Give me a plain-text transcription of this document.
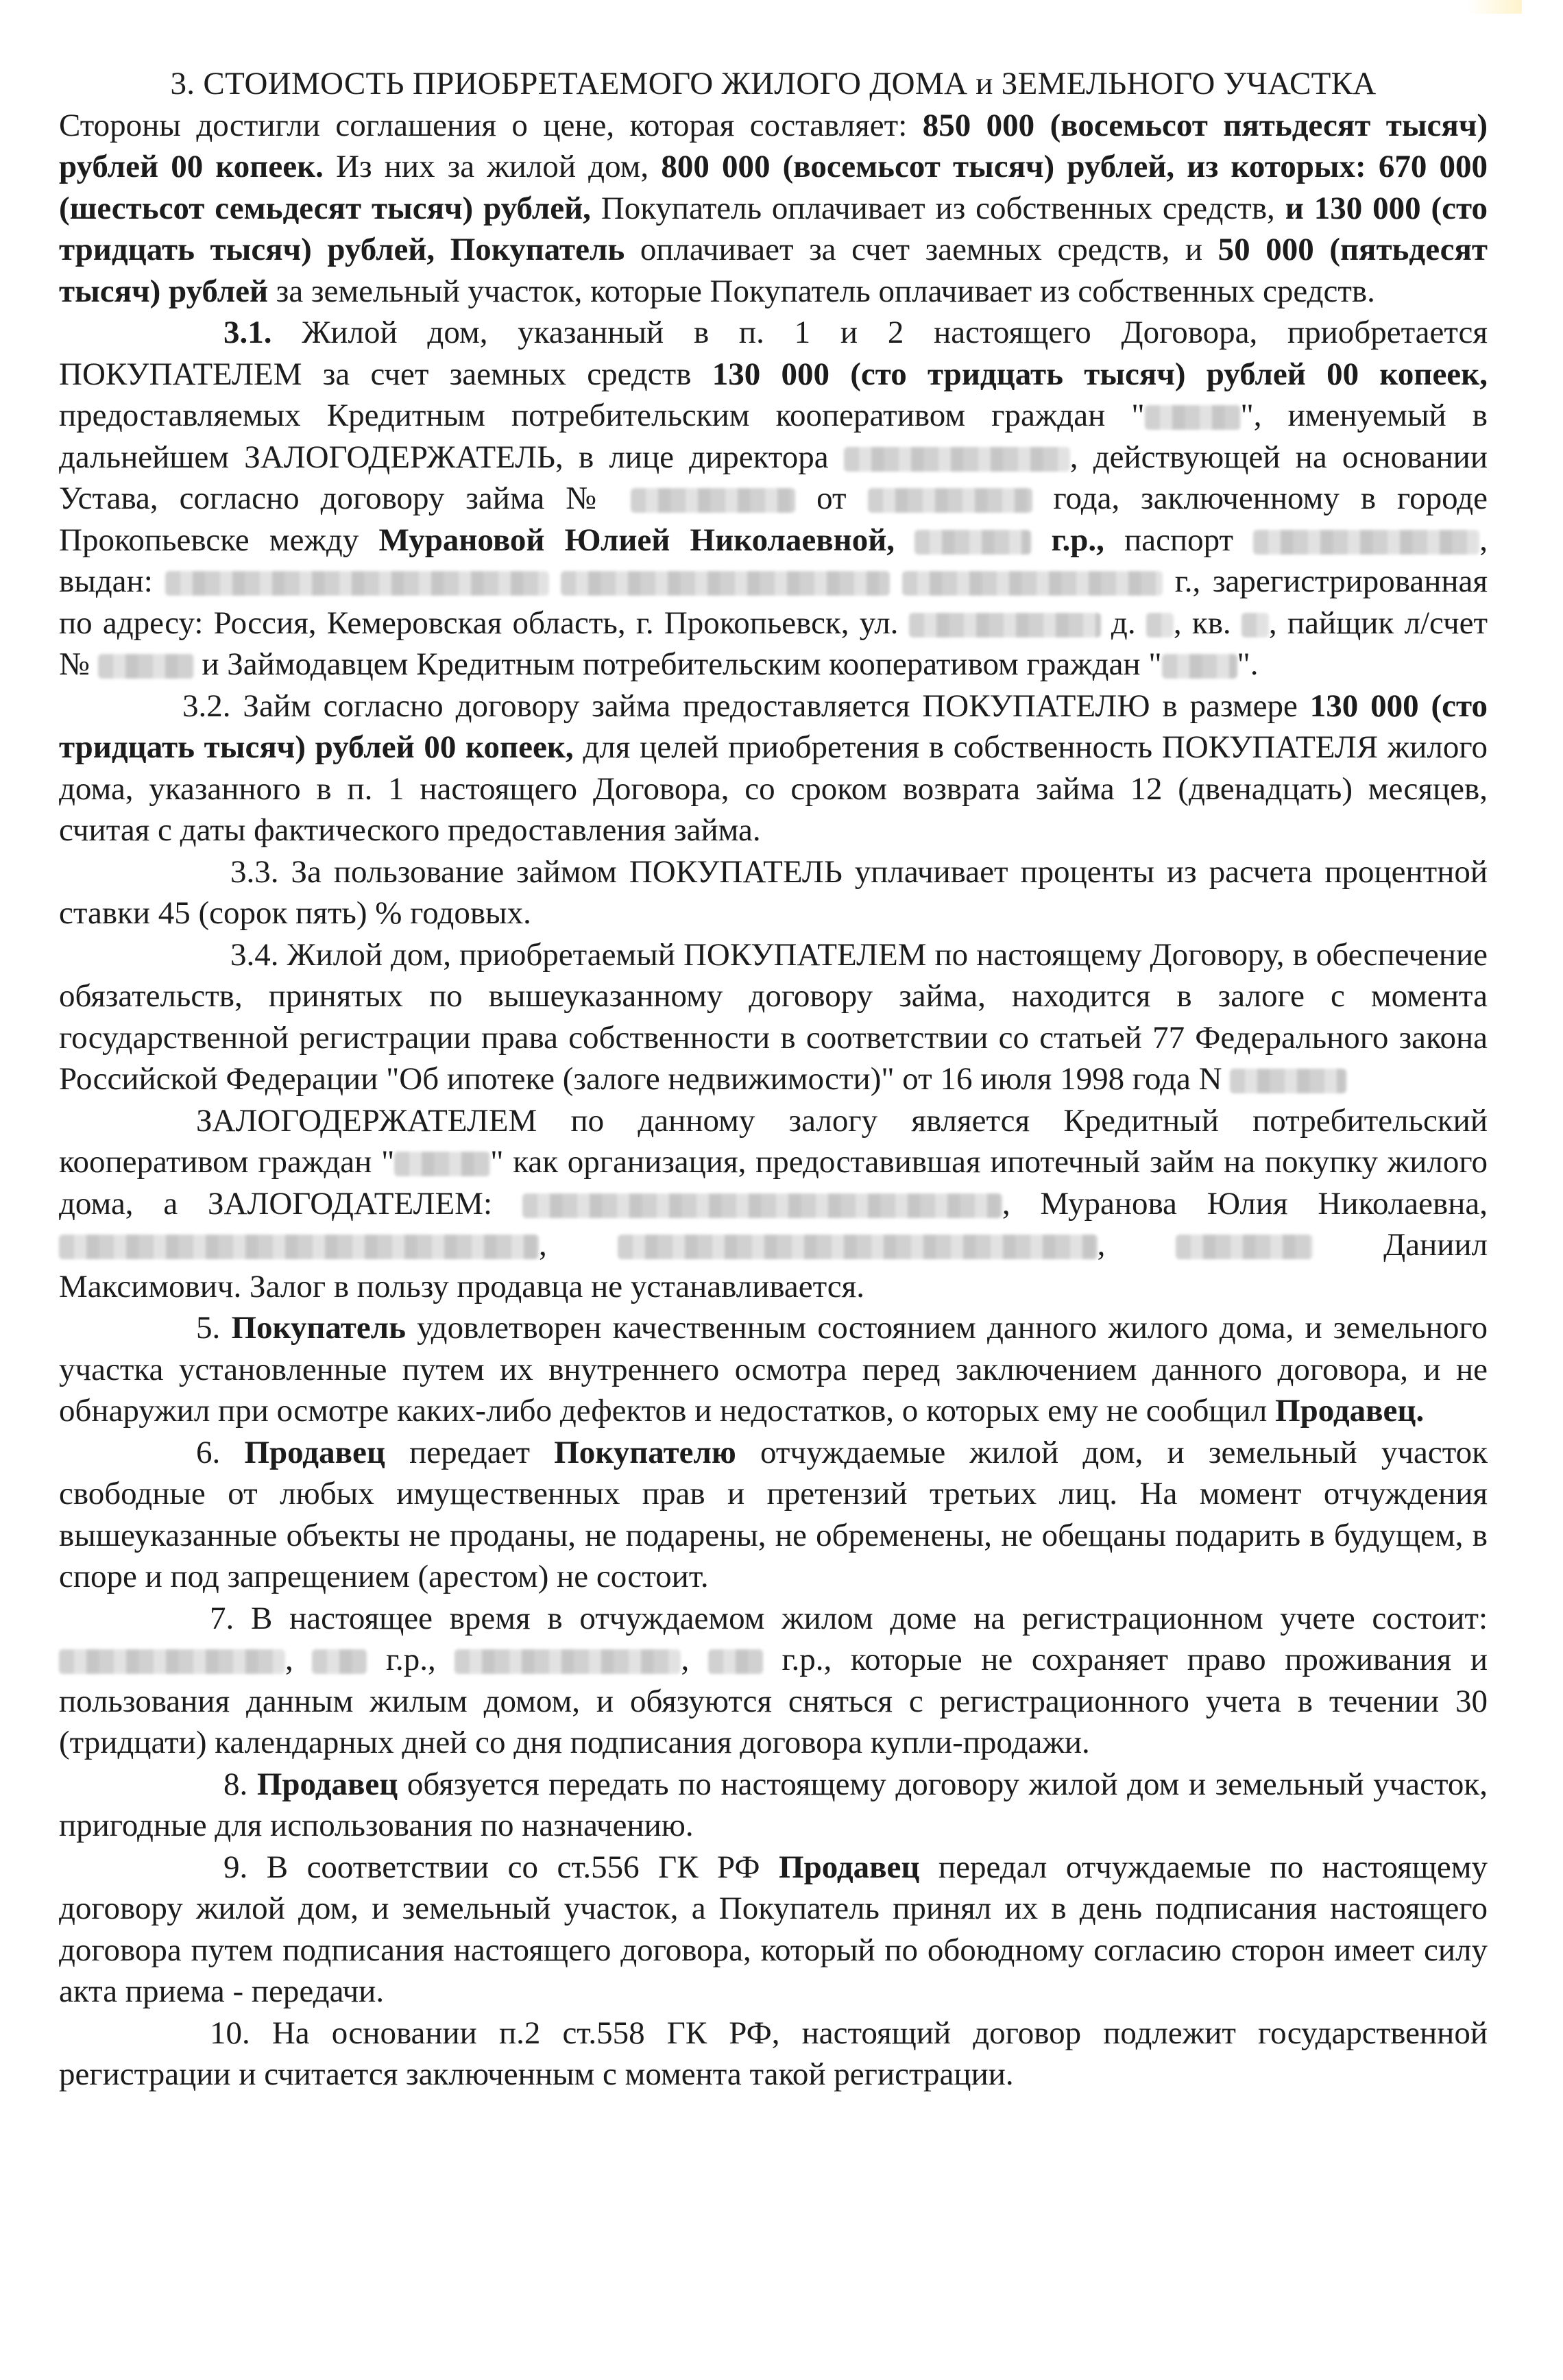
3. СТОИМОСТЬ ПРИОБРЕТАЕМОГО ЖИЛОГО ДОМА и ЗЕМЕЛЬНОГО УЧАСТКА

Стороны достигли соглашения о цене, которая составляет: 850 000 (восемьсот пятьдесят тысяч) рублей 00 копеек. Из них за жилой дом, 800 000 (восемьсот тысяч) рублей, из которых: 670 000 (шестьсот семьдесят тысяч) рублей, Покупатель оплачивает из собственных средств, и 130 000 (сто тридцать тысяч) рублей, Покупатель оплачивает за счет заемных средств, и 50 000 (пятьдесят тысяч) рублей за земельный участок, которые Покупатель оплачивает из собственных средств.

3.1. Жилой дом, указанный в п. 1 и 2 настоящего Договора, приобретается ПОКУПАТЕЛЕМ за счет заемных средств 130 000 (сто тридцать тысяч) рублей 00 копеек, предоставляемых Кредитным потребительским кооперативом граждан "	", именуемый в дальнейшем ЗАЛОГОДЕРЖАТЕЛЬ, в лице директора	, действующей на основании Устава, согласно договору займа №	от	года, заключенному в городе Прокопьевске между Мурановой Юлией Николаевной,	г.р., паспорт	, выдан:	г., зарегистрированная по адресу: Россия, Кемеровская область, г. Прокопьевск, ул.	д. , кв. , пайщик л/счет №	и Займодавцем Кредитным потребительским кооперативом граждан " ".

3.2. Займ согласно договору займа предоставляется ПОКУПАТЕЛЮ в размере 130 000 (сто тридцать тысяч) рублей 00 копеек, для целей приобретения в собственность ПОКУПАТЕЛЯ жилого дома, указанного в п. 1 настоящего Договора, со сроком возврата займа 12 (двенадцать) месяцев, считая с даты фактического предоставления займа.

3.3. За пользование займом ПОКУПАТЕЛЬ уплачивает проценты из расчета процентной ставки 45 (сорок пять) % годовых.

3.4. Жилой дом, приобретаемый ПОКУПАТЕЛЕМ по настоящему Договору, в обеспечение обязательств, принятых по вышеуказанному договору займа, находится в залоге с момента государственной регистрации права собственности в соответствии со статьей 77 Федерального закона Российской Федерации "Об ипотеке (залоге недвижимости)" от 16 июля 1998 года N

ЗАЛОГОДЕРЖАТЕЛЕМ по данному залогу является Кредитный потребительский кооперативом граждан "	" как организация, предоставившая ипотечный займ на покупку жилого дома, а ЗАЛОГОДАТЕЛЕМ:	, Муранова Юлия Николаевна, ,	,	Даниил Максимович. Залог в пользу продавца не устанавливается.

5. Покупатель удовлетворен качественным состоянием данного жилого дома, и земельного участка установленные путем их внутреннего осмотра перед заключением данного договора, и не обнаружил при осмотре каких-либо дефектов и недостатков, о которых ему не сообщил Продавец.

6. Продавец передает Покупателю отчуждаемые жилой дом, и земельный участок свободные от любых имущественных прав и претензий третьих лиц. На момент отчуждения вышеуказанные объекты не проданы, не подарены, не обременены, не обещаны подарить в будущем, в споре и под запрещением (арестом) не состоит.

7. В настоящее время в отчуждаемом жилом доме на регистрационном учете состоит: ,  г.р.,	,  г.р., которые не сохраняет право проживания и пользования данным жилым домом, и обязуются сняться с регистрационного учета в течении 30 (тридцати) календарных дней со дня подписания договора купли-продажи.

8. Продавец обязуется передать по настоящему договору жилой дом и земельный участок, пригодные для использования по назначению.

9. В соответствии со ст.556 ГК РФ Продавец передал отчуждаемые по настоящему договору жилой дом, и земельный участок, а Покупатель принял их в день подписания настоящего договора путем подписания настоящего договора, который по обоюдному согласию сторон имеет силу акта приема - передачи.

10. На основании п.2 ст.558 ГК РФ, настоящий договор подлежит государственной регистрации и считается заключенным с момента такой регистрации.
